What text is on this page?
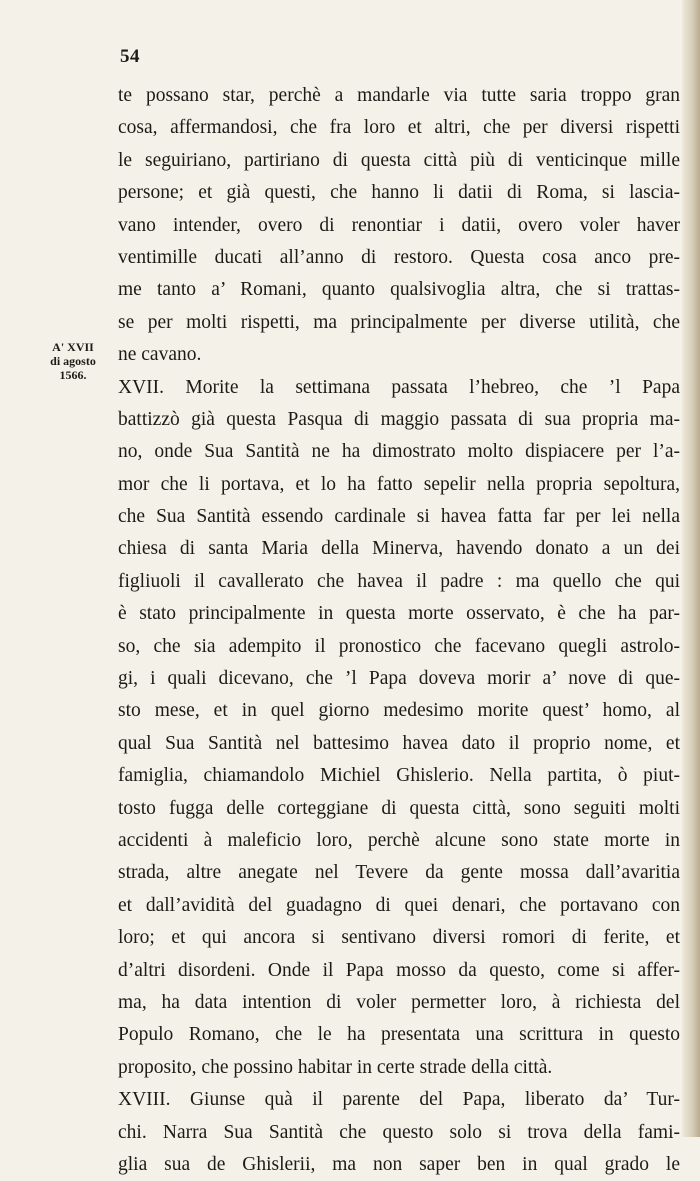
54
A' XVII
di agosto
1566.
te possano star, perchè a mandarle via tutte saria troppo gran
cosa, affermandosi, che fra loro et altri, che per diversi rispetti
le seguiriano, partiriano di questa città più di venticinque mille
persone; et già questi, che hanno li datii di Roma, si lascia-
vano intender, overo di renontiar i datii, overo voler haver
ventimille ducati all’anno di restoro. Questa cosa anco pre-
me tanto a’ Romani, quanto qualsivoglia altra, che si trattas-
se per molti rispetti, ma principalmente per diverse utilità, che
ne cavano.
XVII. Morite la settimana passata l’hebreo, che ’l Papa
battizzò già questa Pasqua di maggio passata di sua propria ma-
no, onde Sua Santità ne ha dimostrato molto dispiacere per l’a-
mor che li portava, et lo ha fatto sepelir nella propria sepoltura,
che Sua Santità essendo cardinale si havea fatta far per lei nella
chiesa di santa Maria della Minerva, havendo donato a un dei
figliuoli il cavallerato che havea il padre : ma quello che qui
è stato principalmente in questa morte osservato, è che ha par-
so, che sia adempito il pronostico che facevano quegli astrolo-
gi, i quali dicevano, che ’l Papa doveva morir a’ nove di que-
sto mese, et in quel giorno medesimo morite quest’ homo, al
qual Sua Santità nel battesimo havea dato il proprio nome, et
famiglia, chiamandolo Michiel Ghislerio. Nella partita, ò piut-
tosto fugga delle corteggiane di questa città, sono seguiti molti
accidenti à maleficio loro, perchè alcune sono state morte in
strada, altre anegate nel Tevere da gente mossa dall’avaritia
et dall’avidità del guadagno di quei denari, che portavano con
loro; et qui ancora si sentivano diversi romori di ferite, et
d’altri disordeni. Onde il Papa mosso da questo, come si affer-
ma, ha data intention di voler permetter loro, à richiesta del
Populo Romano, che le ha presentata una scrittura in questo
proposito, che possino habitar in certe strade della città.
XVIII. Giunse quà il parente del Papa, liberato da’ Tur-
chi. Narra Sua Santità che questo solo si trova della fami-
glia sua de Ghislerii, ma non saper ben in qual grado le
